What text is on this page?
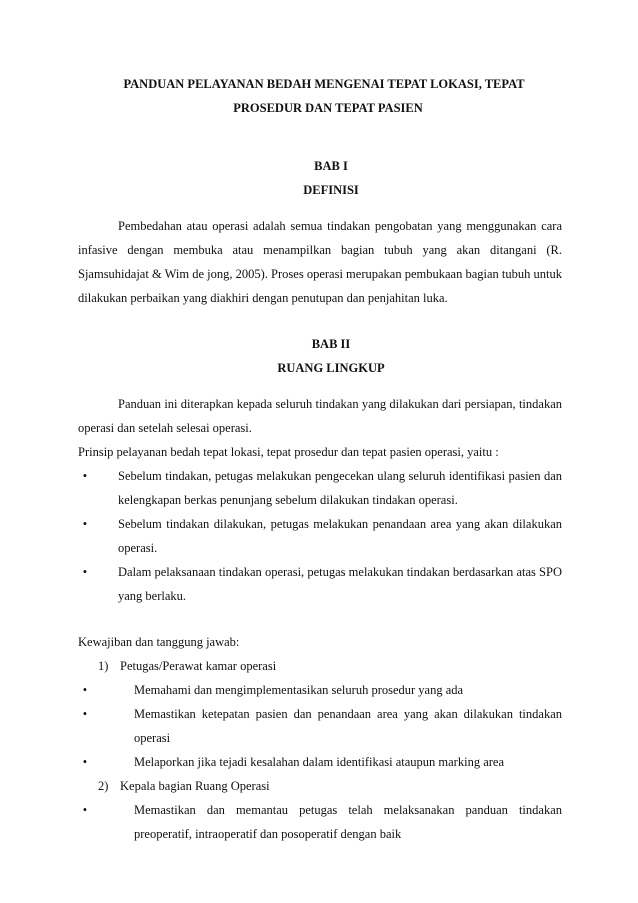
PANDUAN PELAYANAN BEDAH MENGENAI TEPAT LOKASI, TEPAT
PROSEDUR DAN TEPAT PASIEN
BAB I
DEFINISI

Pembedahan atau operasi adalah semua tindakan pengobatan yang menggunakan cara infasive dengan membuka atau menampilkan bagian tubuh yang akan ditangani (R. Sjamsuhidajat & Wim de jong, 2005). Proses operasi merupakan pembukaan bagian tubuh untuk dilakukan perbaikan yang diakhiri dengan penutupan dan penjahitan luka.

BAB II
RUANG LINGKUP

Panduan ini diterapkan kepada seluruh tindakan yang dilakukan dari persiapan, tindakan operasi dan setelah selesai operasi.

Prinsip pelayanan bedah tepat lokasi, tepat prosedur dan tepat pasien operasi, yaitu :

•	Sebelum tindakan, petugas melakukan pengecekan ulang seluruh identifikasi pasien dan kelengkapan berkas penunjang sebelum dilakukan tindakan operasi.
•	Sebelum tindakan dilakukan, petugas melakukan penandaan area yang akan dilakukan operasi.
•	Dalam pelaksanaan tindakan operasi, petugas melakukan tindakan berdasarkan atas SPO yang berlaku.

Kewajiban dan tanggung jawab:

1) Petugas/Perawat kamar operasi
•	Memahami dan mengimplementasikan seluruh prosedur yang ada
•	Memastikan ketepatan pasien dan penandaan area yang akan dilakukan tindakan operasi
•	Melaporkan jika tejadi kesalahan dalam identifikasi ataupun marking area
2) Kepala bagian Ruang Operasi
•	Memastikan dan memantau petugas telah melaksanakan panduan tindakan preoperatif, intraoperatif dan posoperatif dengan baik
